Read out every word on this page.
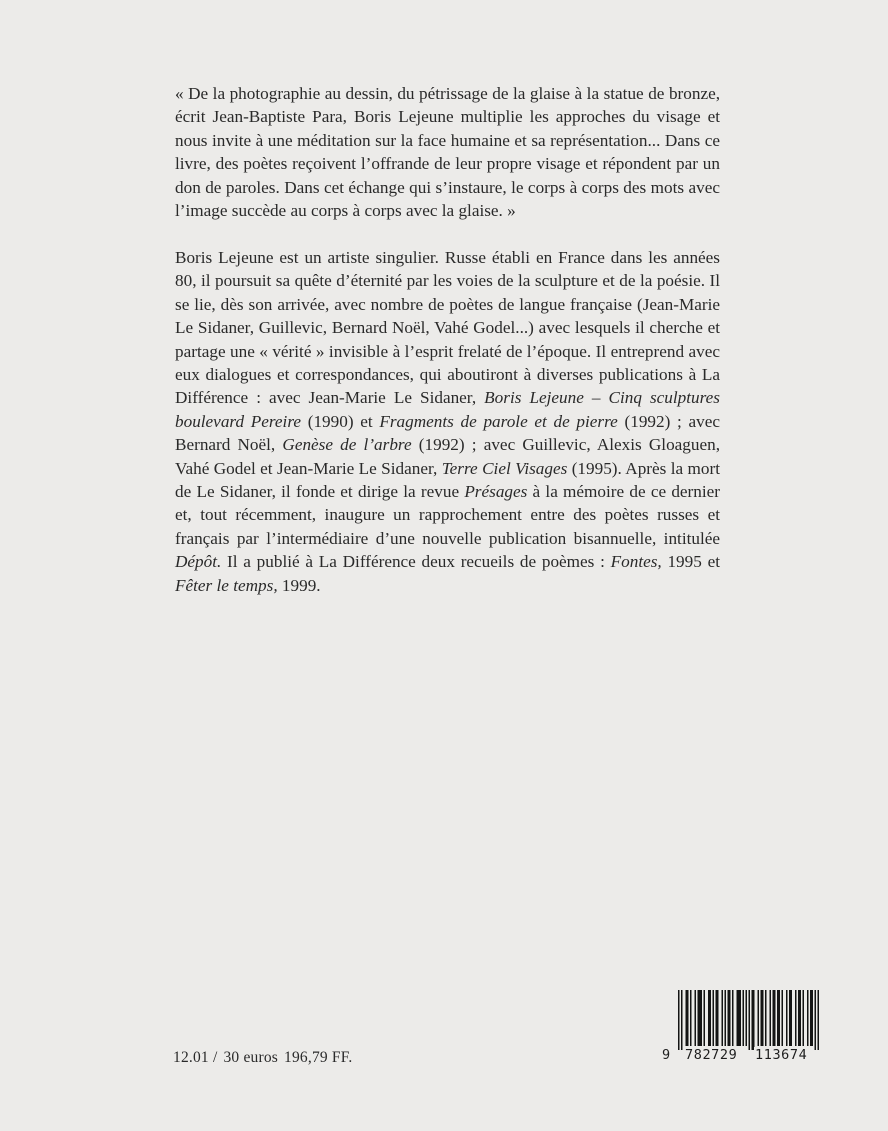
« De la photographie au dessin, du pétrissage de la glaise à la statue de bronze, écrit Jean-Baptiste Para, Boris Lejeune multiplie les approches du visage et nous invite à une méditation sur la face humaine et sa représentation... Dans ce livre, des poètes reçoivent l’offrande de leur propre visage et répondent par un don de paroles. Dans cet échange qui s’instaure, le corps à corps des mots avec l’image succède au corps à corps avec la glaise. »

Boris Lejeune est un artiste singulier. Russe établi en France dans les années 80, il poursuit sa quête d’éternité par les voies de la sculpture et de la poésie. Il se lie, dès son arrivée, avec nombre de poètes de langue française (Jean-Marie Le Sidaner, Guillevic, Bernard Noël, Vahé Godel...) avec lesquels il cherche et partage une « vérité » invisible à l’esprit frelaté de l’époque. Il entreprend avec eux dialogues et correspondances, qui aboutiront à diverses publications à La Différence : avec Jean-Marie Le Sidaner, Boris Lejeune – Cinq sculptures boulevard Pereire (1990) et Fragments de parole et de pierre (1992) ; avec Bernard Noël, Genèse de l’arbre (1992) ; avec Guillevic, Alexis Gloaguen, Vahé Godel et Jean-Marie Le Sidaner, Terre Ciel Visages (1995). Après la mort de Le Sidaner, il fonde et dirige la revue Présages à la mémoire de ce dernier et, tout récemment, inaugure un rapprochement entre des poètes russes et français par l’intermédiaire d’une nouvelle publication bisannuelle, intitulée Dépôt. Il a publié à La Différence deux recueils de poèmes : Fontes, 1995 et Fêter le temps, 1999.

12.01 / 30 euros 196,79 FF.	9 782729 113674
